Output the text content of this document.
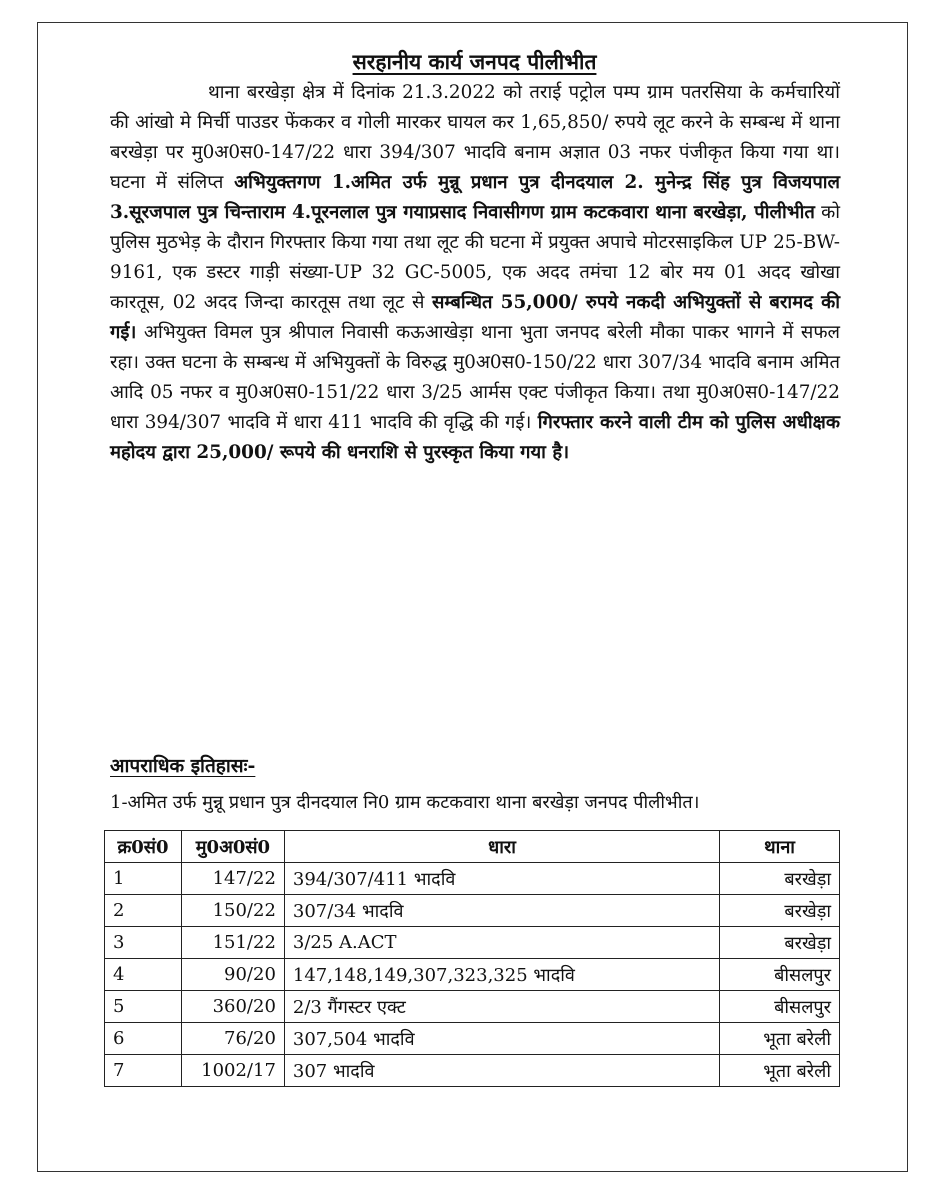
सरहानीय कार्य जनपद पीलीभीत

थाना बरखेड़ा क्षेत्र में दिनांक 21.3.2022 को तराई पट्रोल पम्प ग्राम पतरसिया के कर्मचारियों की आंखो मे मिर्ची पाउडर फेंककर व गोली मारकर घायल कर 1,65,850/ रुपये लूट करने के सम्बन्ध में थाना बरखेड़ा पर मु0अ0स0-147/22 धारा 394/307 भादवि बनाम अज्ञात 03 नफर पंजीकृत किया गया था। घटना में संलिप्त अभियुक्तगण 1.अमित उर्फ मुन्नू प्रधान पुत्र दीनदयाल 2. मुनेन्द्र सिंह पुत्र विजयपाल 3.सूरजपाल पुत्र चिन्ताराम 4.पूरनलाल पुत्र गयाप्रसाद निवासीगण ग्राम कटकवारा थाना बरखेड़ा, पीलीभीत को पुलिस मुठभेड़ के दौरान गिरफ्तार किया गया तथा लूट की घटना में प्रयुक्त अपाचे मोटरसाइकिल UP 25-BW-9161, एक डस्टर गाड़ी संख्या-UP 32 GC-5005, एक अदद तमंचा 12 बोर मय 01 अदद खोखा कारतूस, 02 अदद जिन्दा कारतूस तथा लूट से सम्बन्धित 55,000/ रुपये नकदी अभियुक्तों से बरामद की गई। अभियुक्त विमल पुत्र श्रीपाल निवासी कऊआखेड़ा थाना भुता जनपद बरेली मौका पाकर भागने में सफल रहा। उक्त घटना के सम्बन्ध में अभियुक्तों के विरुद्ध मु0अ0स0-150/22 धारा 307/34 भादवि बनाम अमित आदि 05 नफर व मु0अ0स0-151/22 धारा 3/25 आर्मस एक्ट पंजीकृत किया। तथा मु0अ0स0-147/22 धारा 394/307 भादवि में धारा 411 भादवि की वृद्धि की गई। गिरफ्तार करने वाली टीम को पुलिस अधीक्षक महोदय द्वारा 25,000/ रूपये की धनराशि से पुरस्कृत किया गया है।

आपराधिक इतिहासः-
1-अमित उर्फ मुन्नू प्रधान पुत्र दीनदयाल नि0 ग्राम कटकवारा थाना बरखेड़ा जनपद पीलीभीत।
क्र0सं0	मु0अ0सं0	धारा	थाना
1	147/22	394/307/411 भादवि	बरखेड़ा
2	150/22	307/34 भादवि	बरखेड़ा
3	151/22	3/25 A.ACT	बरखेड़ा
4	90/20	147,148,149,307,323,325 भादवि	बीसलपुर
5	360/20	2/3 गैंगस्टर एक्ट	बीसलपुर
6	76/20	307,504 भादवि	भूता बरेली
7	1002/17	307 भादवि	भूता बरेली
